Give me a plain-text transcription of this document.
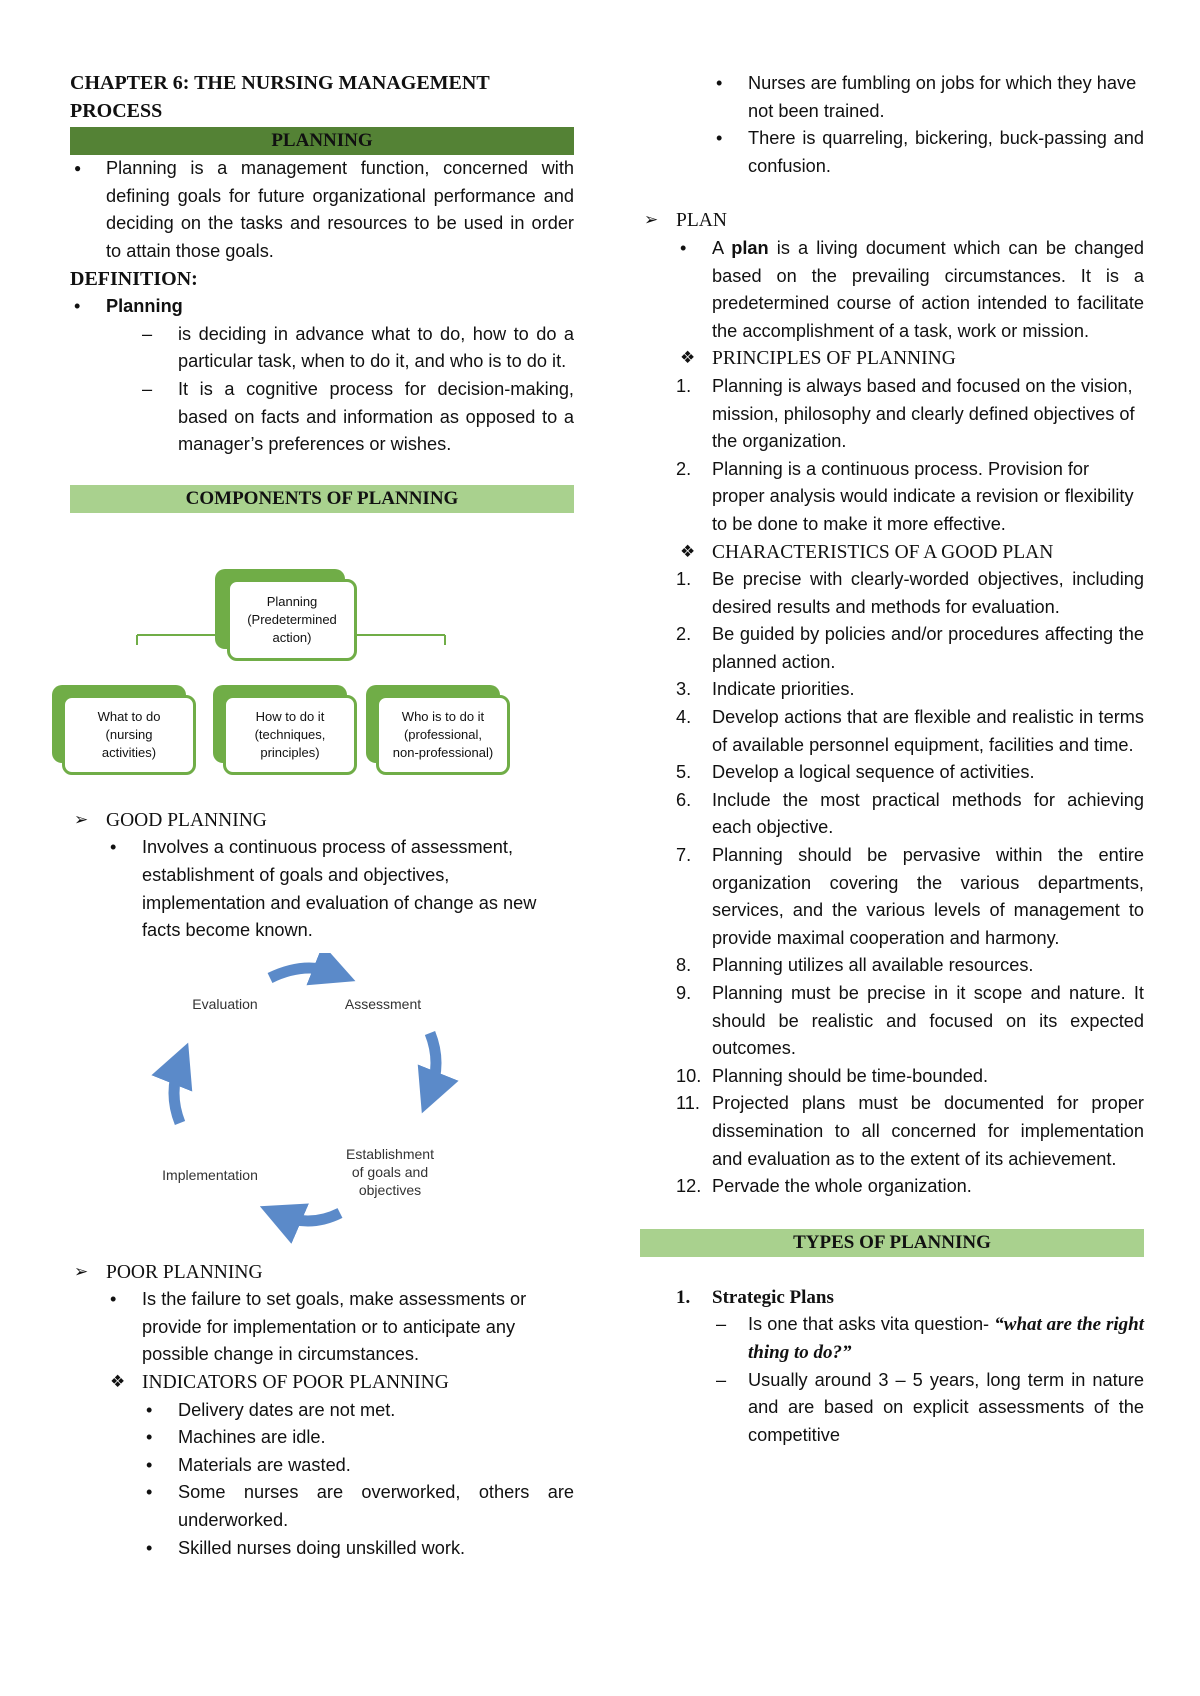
CHAPTER 6: THE NURSING MANAGEMENT PROCESS
PLANNING
●	Planning is a management function, concerned with defining goals for future organizational performance and deciding on the tasks and resources to be used in order to attain those goals.
DEFINITION:
•	Planning
–	is deciding in advance what to do, how to do a particular task, when to do it, and who is to do it.
–	It is a cognitive process for decision-making, based on facts and information as opposed to a manager’s preferences or wishes.
COMPONENTS OF PLANNING
Planning
(Predetermined
action)
What to do
(nursing
activities)
How to do it
(techniques,
principles)
Who is to do it
(professional,
non-professional)
➢ GOOD PLANNING
•	Involves a continuous process of assessment, establishment of goals and objectives, implementation and evaluation of change as new facts become known.
Evaluation	Assessment
Establishment
of goals and
objectives
Implementation
➢ POOR PLANNING
•	Is the failure to set goals, make assessments or provide for implementation or to anticipate any possible change in circumstances.
❖ INDICATORS OF POOR PLANNING
•	Delivery dates are not met.
•	Machines are idle.
•	Materials are wasted.
•	Some nurses are overworked, others are underworked.
•	Skilled nurses doing unskilled work.
•	Nurses are fumbling on jobs for which they have not been trained.
•	There is quarreling, bickering, buck-passing and confusion.
➢ PLAN
•	A plan is a living document which can be changed based on the prevailing circumstances. It is a predetermined course of action intended to facilitate the accomplishment of a task, work or mission.
❖ PRINCIPLES OF PLANNING
1.	Planning is always based and focused on the vision, mission, philosophy and clearly defined objectives of the organization.
2.	Planning is a continuous process. Provision for proper analysis would indicate a revision or flexibility to be done to make it more effective.
❖ CHARACTERISTICS OF A GOOD PLAN
1.	Be precise with clearly-worded objectives, including desired results and methods for evaluation.
2.	Be guided by policies and/or procedures affecting the planned action.
3.	Indicate priorities.
4.	Develop actions that are flexible and realistic in terms of available personnel equipment, facilities and time.
5.	Develop a logical sequence of activities.
6.	Include the most practical methods for achieving each objective.
7.	Planning should be pervasive within the entire organization covering the various departments, services, and the various levels of management to provide maximal cooperation and harmony.
8.	Planning utilizes all available resources.
9.	Planning must be precise in it scope and nature. It should be realistic and focused on its expected outcomes.
10. Planning should be time-bounded.
11. Projected plans must be documented for proper dissemination to all concerned for implementation and evaluation as to the extent of its achievement.
12. Pervade the whole organization.
TYPES OF PLANNING
1.	Strategic Plans
–	Is one that asks vita question- “what are the right thing to do?”
–	Usually around 3 – 5 years, long term in nature and are based on explicit assessments of the competitive
